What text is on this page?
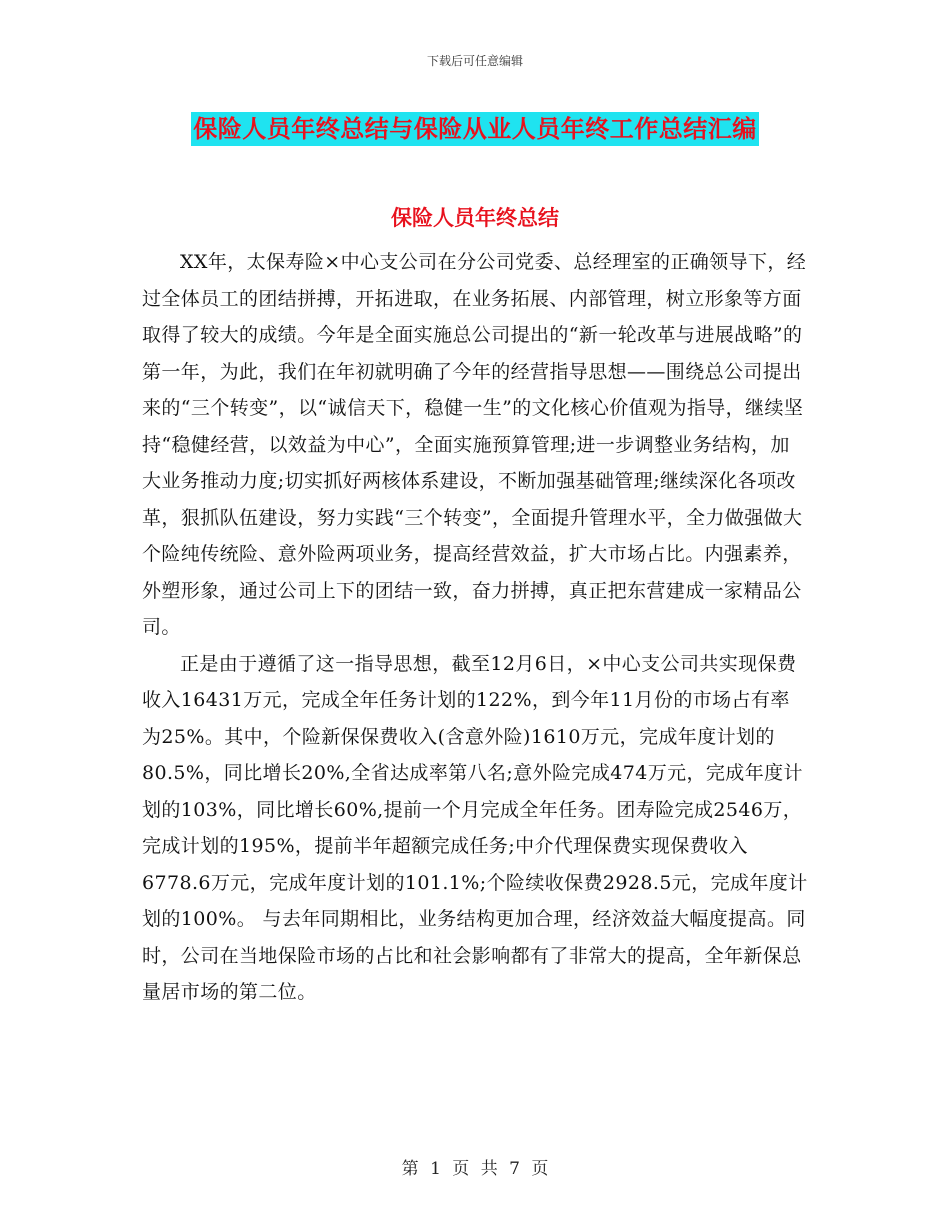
下载后可任意编辑
保险人员年终总结与保险从业人员年终工作总结汇编
保险人员年终总结

XX年，太保寿险×中心支公司在分公司党委、总经理室的正确领导下，经过全体员工的团结拼搏，开拓进取，在业务拓展、内部管理，树立形象等方面取得了较大的成绩。今年是全面实施总公司提出的“新一轮改革与进展战略”的第一年，为此，我们在年初就明确了今年的经营指导思想——围绕总公司提出来的“三个转变”，以“诚信天下，稳健一生”的文化核心价值观为指导，继续坚持“稳健经营，以效益为中心”，全面实施预算管理;进一步调整业务结构，加大业务推动力度;切实抓好两核体系建设，不断加强基础管理;继续深化各项改革，狠抓队伍建设，努力实践“三个转变”，全面提升管理水平，全力做强做大个险纯传统险、意外险两项业务，提高经营效益，扩大市场占比。内强素养，外塑形象，通过公司上下的团结一致，奋力拼搏，真正把东营建成一家精品公司。

正是由于遵循了这一指导思想，截至12月6日，×中心支公司共实现保费收入16431万元，完成全年任务计划的122%，到今年11月份的市场占有率为25%。其中，个险新保保费收入(含意外险)1610万元，完成年度计划的80.5%，同比增长20%,全省达成率第八名;意外险完成474万元，完成年度计划的103%，同比增长60%,提前一个月完成全年任务。团寿险完成2546万，完成计划的195%，提前半年超额完成任务;中介代理保费实现保费收入6778.6万元，完成年度计划的101.1%;个险续收保费2928.5元，完成年度计划的100%。 与去年同期相比，业务结构更加合理，经济效益大幅度提高。同时，公司在当地保险市场的占比和社会影响都有了非常大的提高，全年新保总量居市场的第二位。

第 1 页 共 7 页
